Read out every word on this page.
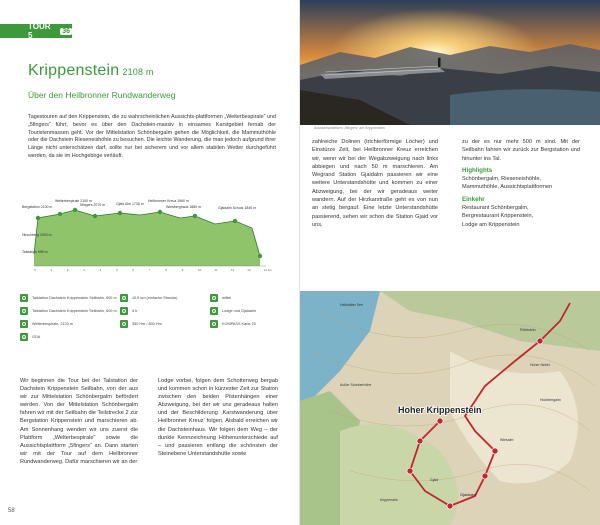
TOUR 5	36
Krippenstein 2108 m
Über den Heilbronner Rundwanderweg
Tagestouren auf den Krippenstein, die zu wahrscheinlichen Aussichts-plattformen „Welterbespirale“ und „5fingers“ führt, bevor es über den Dachstein-massiv in einsames Karstgebiet fernab der Touristenmassen geht. Vor der Mittelstation Schönbergalm gehen die Möglichkeit, die Mammuthöhle oder die Dachstein Rieseneishöhle zu besuchen. Die leichte Wanderung, die man jedoch aufgrund ihrer Länge nicht unterschätzen darf, sollte nur bei sicherem und vor allem stabilen Wetter durchgeführt werden, da sie im Hochgebirge verläuft.
Welterbespirale 2100 m
5fingers 2070 m
Bergstation 2100 m
Gjaid Alm 1738 m
Heilbronner Kreuz 1960 m
Wiesberghaus 1880 m	Gjaidalm Schutz 1840 m
Hirschberg 2000 m
Talstation 596 m
0	1	2	3	4	5	6	7	8	9	10	11	12	13	14 km
Talstation Dachstein Krippenstein Seilbahn, 600 m	10,5 km (einfache Strecke)	mittel
Talstation Dachstein Krippenstein Seilbahn, 600 m	4 h	Lodge und Gjaidalm
Welterbespirale, 2100 m	350 Hm / 800 Hm	KOMPASS Karte 20
GDA
Wir beginnen die Tour bei der Talstation der Dachstein Krippenstein Seilbahn, von der aus wir zur Mittelstation Schönbergalm befördert werden. Von der Mittelstation Schönbergalm fahren wir mit der Seilbahn die Teilstrecke 2 zur Bergstation Krippenstein und marschieren ab. Am Sonnenhang wenden wir uns zuerst die Plattform „Welterbespirale“ sowie die Aussichtsplattform „5fingers“ an. Dann starten wir mit der Tour auf dem Heilbronner Rundwanderweg. Dafür marschieren wir an der
Lodge vorbei, folgen dem Schotterweg bergab und kommen schon in kürzester Zeit zur Station zwischen den beiden Pistenhängen einer Abzweigung, bei der wir uns geradeaus halten und der Beschilderung ‚Karstwanderung über Heilbronner Kreuz‘ folgen. Alsbald erreichen wir die Dachsteinhaus. Wir folgen dem Weg – der dunkle Kennzeichnung Höhenunterschiede auf – und passieren entlang die schönsten der Steinebene Unterstandshütte sowie
58
Aussichtsplattform „5fingers“ am Krippenstein
zahlreiche Dolinen (trichterförmige Löcher) und Einstürze Zeit, bei Heilbronner Kreuz erreichen wir, wenn wir bei der Wegabzweigung nach links abbiegen und nach 50 m marschieren. Am Wegrand Station Gjaidalm passieren wir eine weitere Unterstandshütte und kommen zu einer Abzweigung, bei der wir geradeaus weiter wandern. Auf der Hirzkarstraße geht es von nun an stetig bergauf. Eine letzte Unterstandshütte passierend, sehen wir schon die Station Gjaid vor uns,
zu der es nur mehr 500 m sind. Mit der Seilbahn fahren wir zurück zur Bergstation und hinunter ins Tal.
Highlights
Schönbergalm, Rieseneishöhle,
Mammuthöhle, Aussichtsplattformen
Einkehr
Restaurant Schönbergalm,
Bergrestaurant Krippenstein,
Lodge am Krippenstein
Hallstätter See
Rötelstein
Hoher Nebel
Hochbergalm
Außer Schoberhöhe
Wiesalm
Gjaid
Krippenalm
Hoher Krippenstein
Gjaidalm
